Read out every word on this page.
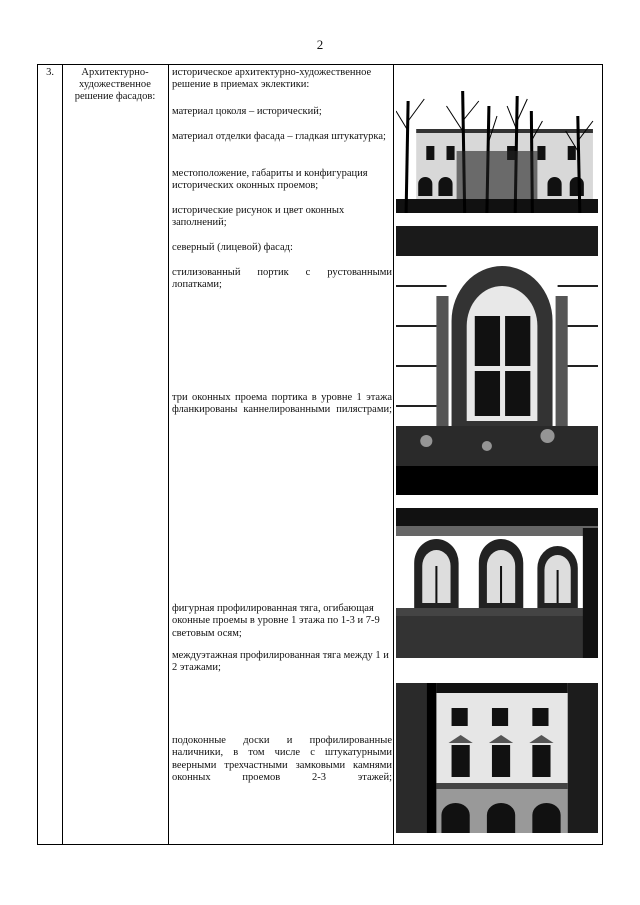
2
3.	Архитектурно-художественное решение фасадов:
историческое архитектурно-художественное решение в приемах эклектики:
материал цоколя – исторический;
материал отделки фасада – гладкая штукатурка;
местоположение, габариты и конфигурация исторических оконных проемов;
исторические рисунок и цвет оконных заполнений;
северный (лицевой) фасад:
стилизованный портик с рустованными лопатками;
три оконных проема портика в уровне 1 этажа фланкированы каннелированными пилястрами;
фигурная профилированная тяга, огибающая оконные проемы в уровне 1 этажа по 1-3 и 7-9 световым осям;
междуэтажная профилированная тяга между 1 и 2 этажами;
подоконные доски и профилированные наличники, в том числе с штукатурными веерными трехчастными замковыми камнями оконных проемов 2-3 этажей;
